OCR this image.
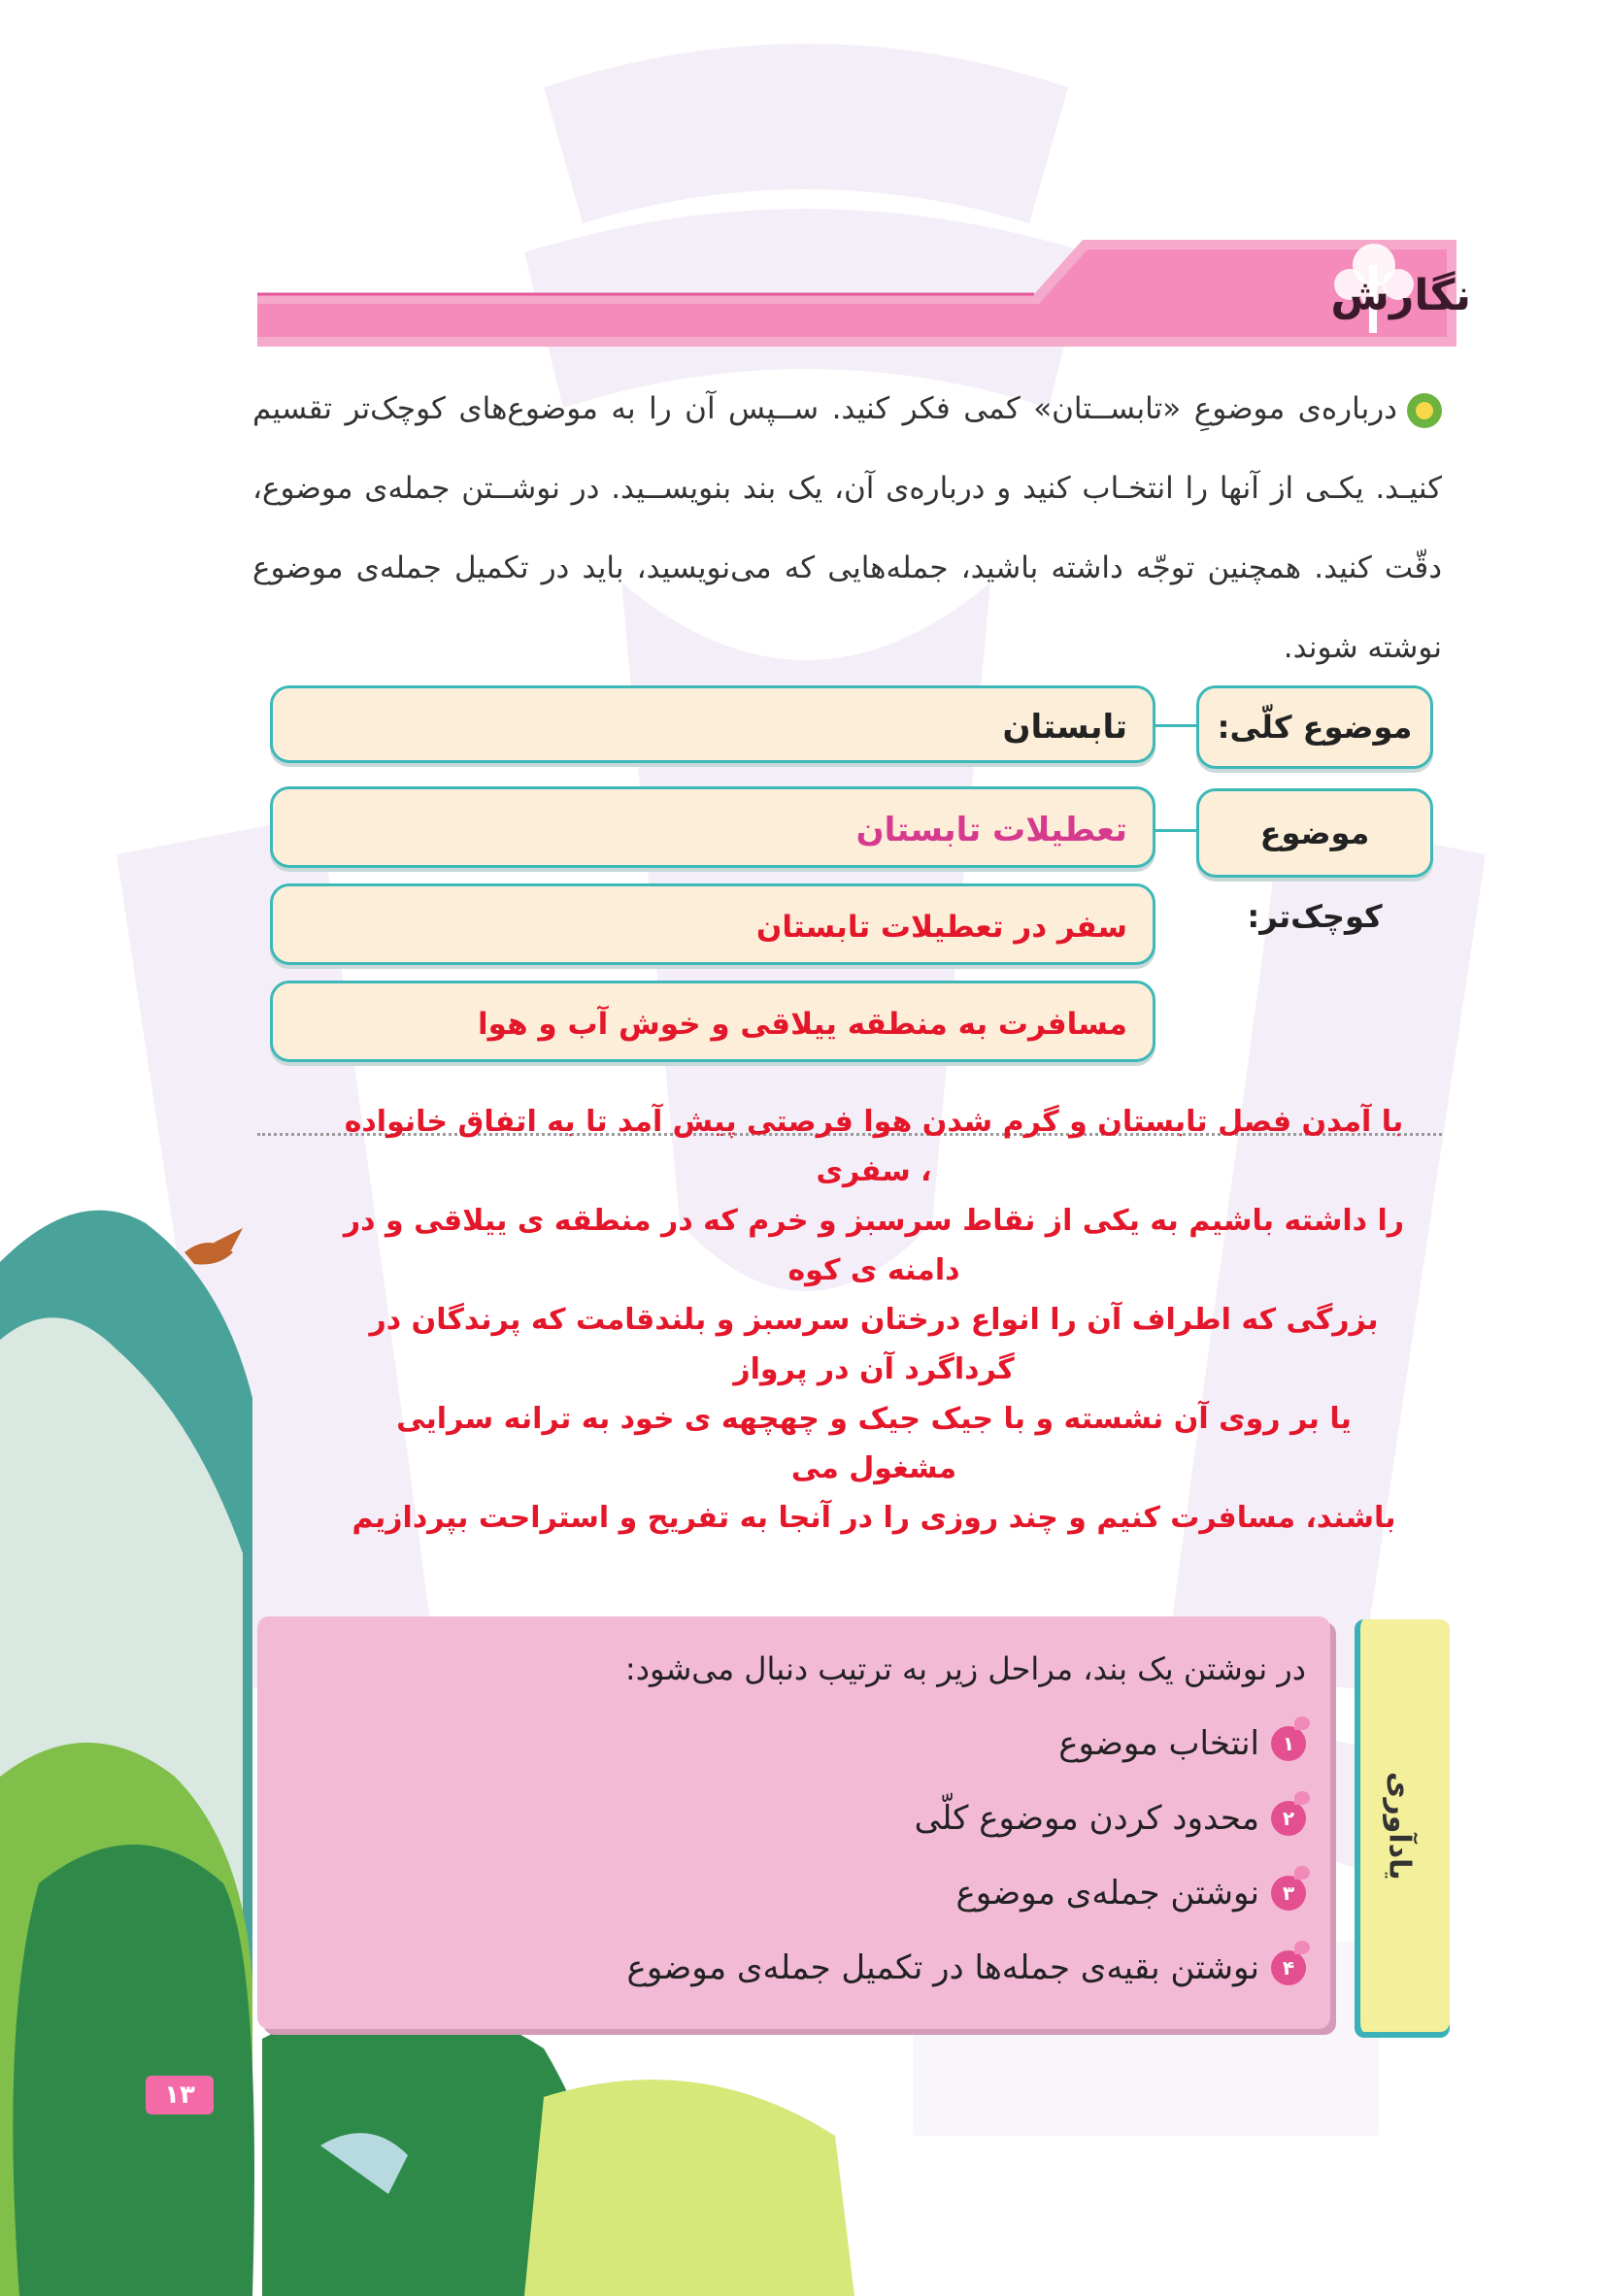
نگارش
درباره‌ی موضوعِ «تابســتان» کمی فکر کنید. ســپس آن را به موضوع‌های کوچک‌تر تقسیم کنیـد. یکـی از آنها را انتخـاب کنید و درباره‌ی آن، یک بند بنویســید. در نوشــتن جمله‌ی موضوع، دقّت کنید. همچنین توجّه داشته باشید، جمله‌هایی که می‌نویسید، باید در تکمیل جمله‌ی موضوع نوشته شوند.
موضوع کلّی:
تابستان
موضوع کوچک‌تر:
تعطیلات تابستان
سفر در تعطیلات تابستان
مسافرت به منطقه ییلاقی و خوش آب و هوا
با آمدن فصل تابستان و گرم شدن هوا فرصتی پیش آمد تا به اتفاق خانواده ، سفری
را داشته باشیم به یکی از نقاط سرسبز و خرم که در منطقه ی ییلاقی و در دامنه ی کوه
بزرگی که اطراف آن را انواع درختان سرسبز و بلندقامت که پرندگان در گرداگرد آن در پرواز
یا بر روی آن نشسته و با جیک جیک و چهچهه ی خود به ترانه سرایی مشغول می
باشند، مسافرت کنیم و چند روزی را در آنجا به تفریح و استراحت بپردازیم
یادآوری
در نوشتن یک بند، مراحل زیر به ترتیب دنبال می‌شود:
۱
انتخاب موضوع
۲
محدود کردن موضوع کلّی
۳
نوشتن جمله‌ی موضوع
۴
نوشتن بقیه‌ی جمله‌ها در تکمیل جمله‌ی موضوع
۱۳
